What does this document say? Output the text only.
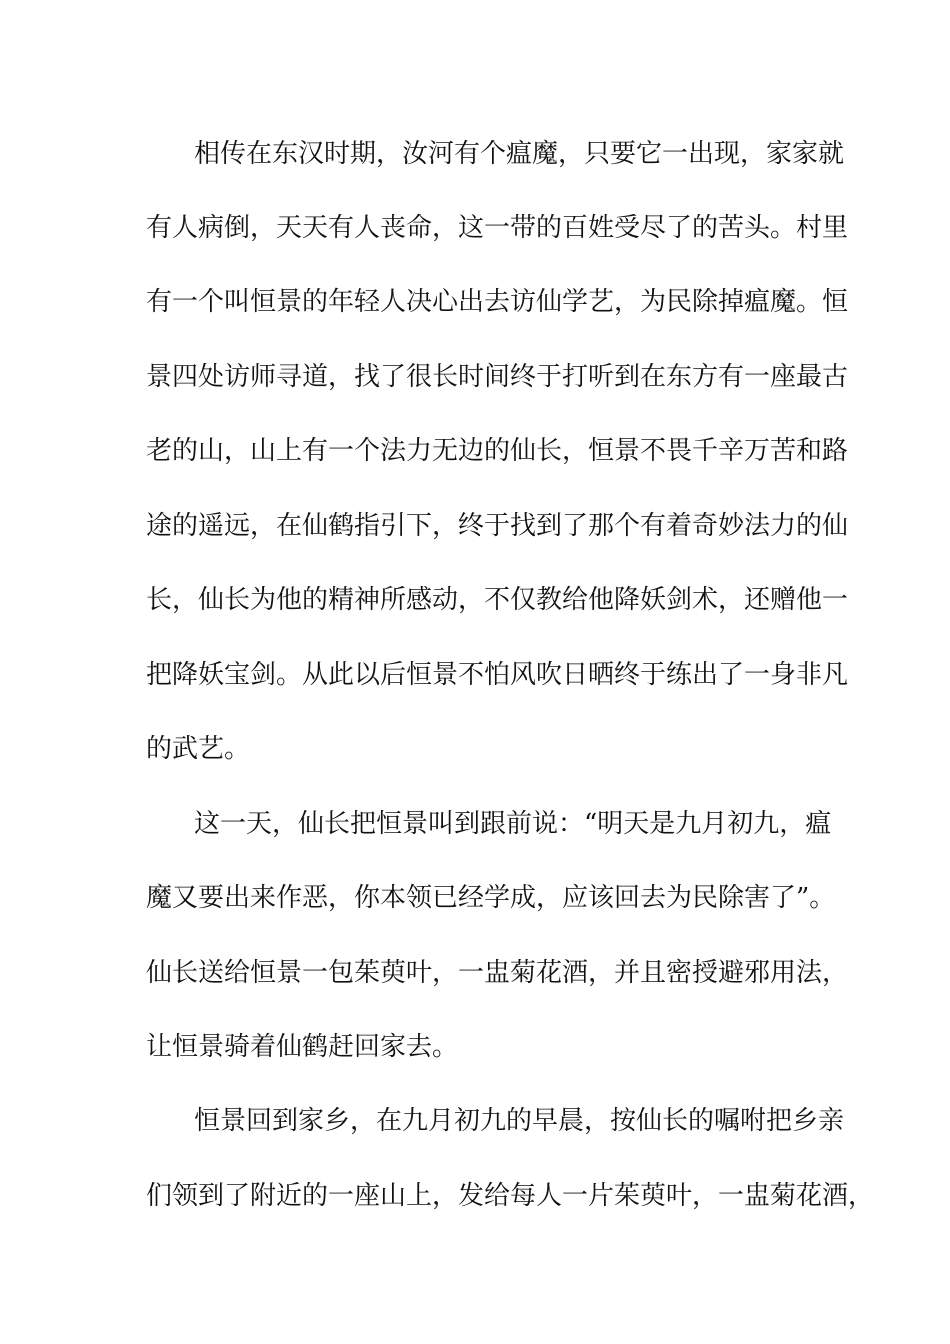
相传在东汉时期，汝河有个瘟魔，只要它一出现，家家就
有人病倒，天天有人丧命，这一带的百姓受尽了的苦头。村里
有一个叫恒景的年轻人决心出去访仙学艺，为民除掉瘟魔。恒
景四处访师寻道，找了很长时间终于打听到在东方有一座最古
老的山，山上有一个法力无边的仙长，恒景不畏千辛万苦和路
途的遥远，在仙鹤指引下，终于找到了那个有着奇妙法力的仙
长，仙长为他的精神所感动，不仅教给他降妖剑术，还赠他一
把降妖宝剑。从此以后恒景不怕风吹日晒终于练出了一身非凡
的武艺。
这一天，仙长把恒景叫到跟前说：“明天是九月初九，瘟
魔又要出来作恶，你本领已经学成，应该回去为民除害了”。
仙长送给恒景一包茱萸叶，一盅菊花酒，并且密授避邪用法，
让恒景骑着仙鹤赶回家去。
恒景回到家乡，在九月初九的早晨，按仙长的嘱咐把乡亲
们领到了附近的一座山上，发给每人一片茱萸叶，一盅菊花酒，
